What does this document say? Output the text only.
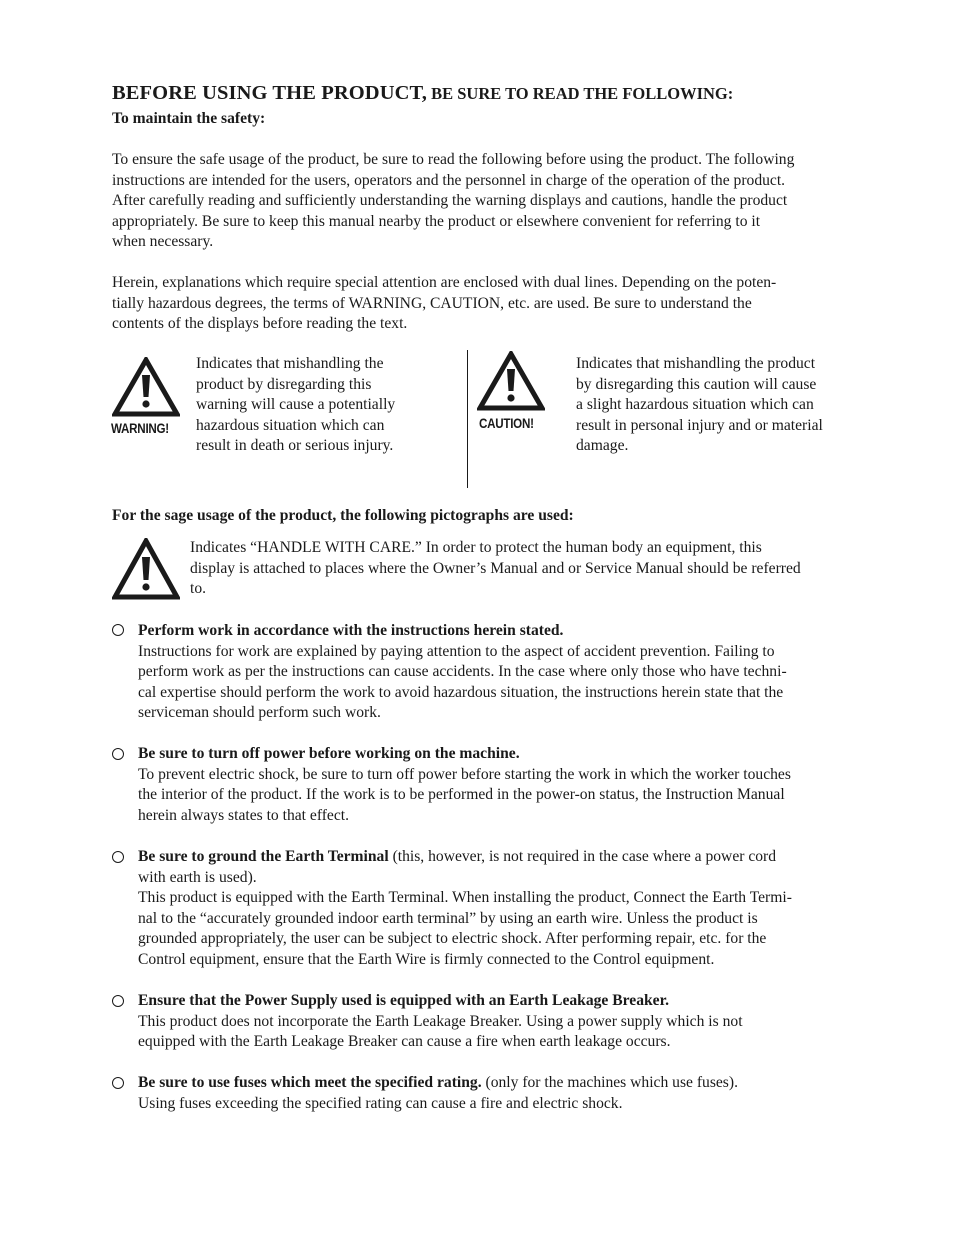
BEFORE USING THE PRODUCT, BE SURE TO READ THE FOLLOWING:
To maintain the safety:
To ensure the safe usage of the product, be sure to read the following before using the product. The following
instructions are intended for the users, operators and the personnel in charge of the operation of the product.
After carefully reading and sufficiently understanding the warning displays and cautions, handle the product
appropriately. Be sure to keep this manual nearby the product or elsewhere convenient for referring to it
when necessary.
Herein, explanations which require special attention are enclosed with dual lines. Depending on the poten-
tially hazardous degrees, the terms of WARNING, CAUTION, etc. are used. Be sure to understand the
contents of the displays before reading the text.
WARNING!
Indicates that mishandling the
product by disregarding this
warning will cause a potentially
hazardous situation which can
result in death or serious injury.
CAUTION!
Indicates that mishandling the product
by disregarding this caution will cause
a slight hazardous situation which can
result in personal injury and or material
damage.
For the sage usage of the product, the following pictographs are used:
Indicates “HANDLE WITH CARE.” In order to protect the human body an equipment, this
display is attached to places where the Owner’s Manual and or Service Manual should be referred
to.
Perform work in accordance with the instructions herein stated.
Instructions for work are explained by paying attention to the aspect of accident prevention. Failing to
perform work as per the instructions can cause accidents. In the case where only those who have techni-
cal expertise should perform the work to avoid hazardous situation, the instructions herein state that the
serviceman should perform such work.
Be sure to turn off power before working on the machine.
To prevent electric shock, be sure to turn off power before starting the work in which the worker touches
the interior of the product. If the work is to be performed in the power-on status, the Instruction Manual
herein always states to that effect.
Be sure to ground the Earth Terminal (this, however, is not required in the case where a power cord
with earth is used).
This product is equipped with the Earth Terminal. When installing the product, Connect the Earth Termi-
nal to the “accurately grounded indoor earth terminal” by using an earth wire. Unless the product is
grounded appropriately, the user can be subject to electric shock. After performing repair, etc. for the
Control equipment, ensure that the Earth Wire is firmly connected to the Control equipment.
Ensure that the Power Supply used is equipped with an Earth Leakage Breaker.
This product does not incorporate the Earth Leakage Breaker. Using a power supply which is not
equipped with the Earth Leakage Breaker can cause a fire when earth leakage occurs.
Be sure to use fuses which meet the specified rating. (only for the machines which use fuses).
Using fuses exceeding the specified rating can cause a fire and electric shock.
